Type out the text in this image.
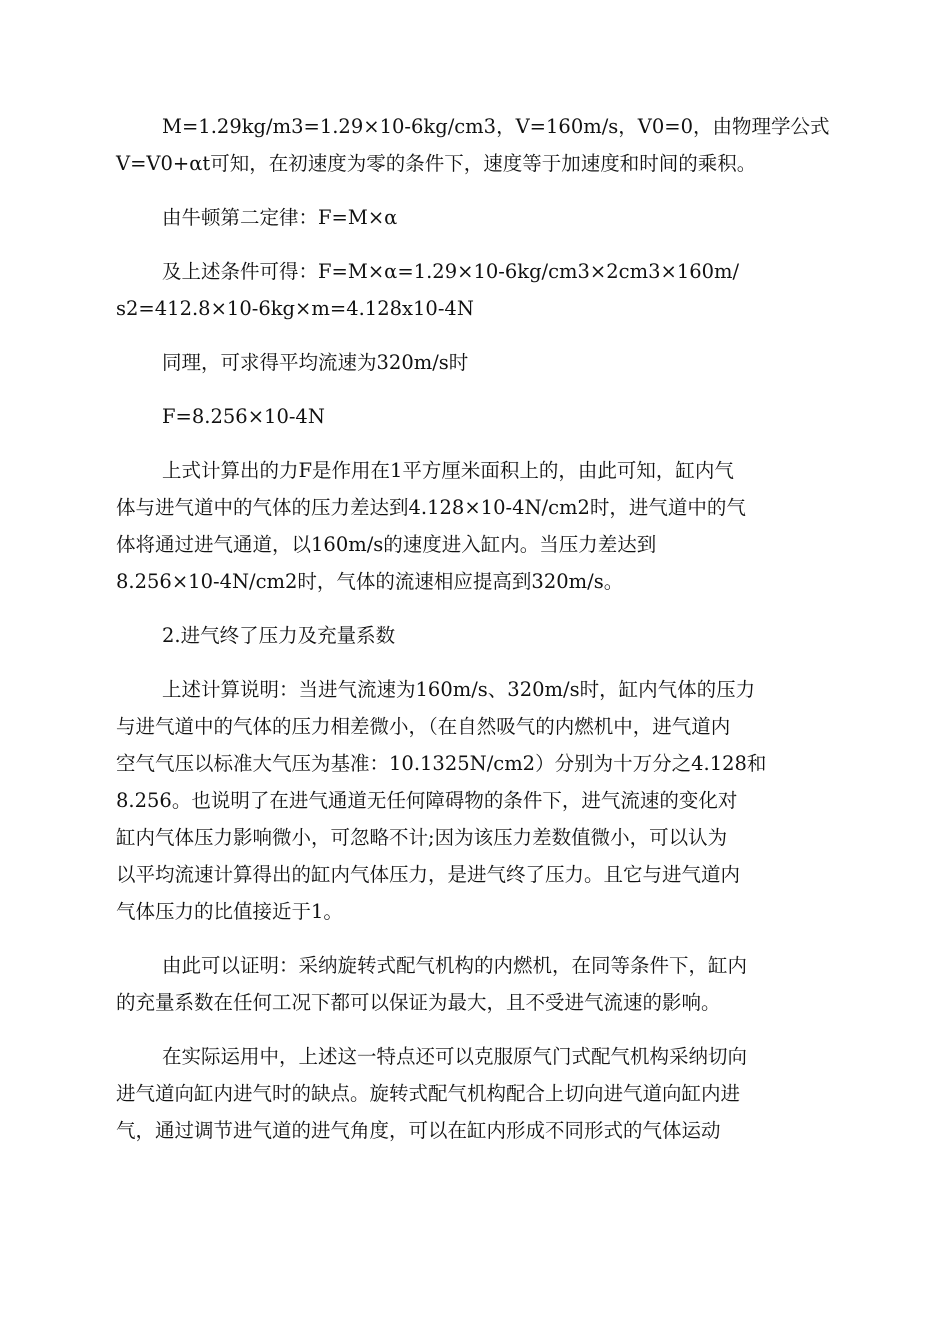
M=1.29kg/m3=1.29×10-6kg/cm3，V=160m/s，V0=0，由物理学公式
V=V0+αt可知，在初速度为零的条件下，速度等于加速度和时间的乘积。

由牛顿第二定律：F=M×α

及上述条件可得：F=M×α=1.29×10-6kg/cm3×2cm3×160m/
s2=412.8×10-6kg×m=4.128x10-4N

同理，可求得平均流速为320m/s时

F=8.256×10-4N

上式计算出的力F是作用在1平方厘米面积上的，由此可知，缸内气
体与进气道中的气体的压力差达到4.128×10-4N/cm2时，进气道中的气
体将通过进气通道，以160m/s的速度进入缸内。当压力差达到
8.256×10-4N/cm2时，气体的流速相应提高到320m/s。

2.进气终了压力及充量系数

上述计算说明：当进气流速为160m/s、320m/s时，缸内气体的压力
与进气道中的气体的压力相差微小，（在自然吸气的内燃机中，进气道内
空气气压以标准大气压为基准：10.1325N/cm2）分别为十万分之4.128和
8.256。也说明了在进气通道无任何障碍物的条件下，进气流速的变化对
缸内气体压力影响微小，可忽略不计;因为该压力差数值微小，可以认为
以平均流速计算得出的缸内气体压力，是进气终了压力。且它与进气道内
气体压力的比值接近于1。

由此可以证明：采纳旋转式配气机构的内燃机，在同等条件下，缸内
的充量系数在任何工况下都可以保证为最大，且不受进气流速的影响。

在实际运用中，上述这一特点还可以克服原气门式配气机构采纳切向
进气道向缸内进气时的缺点。旋转式配气机构配合上切向进气道向缸内进
气，通过调节进气道的进气角度，可以在缸内形成不同形式的气体运动
